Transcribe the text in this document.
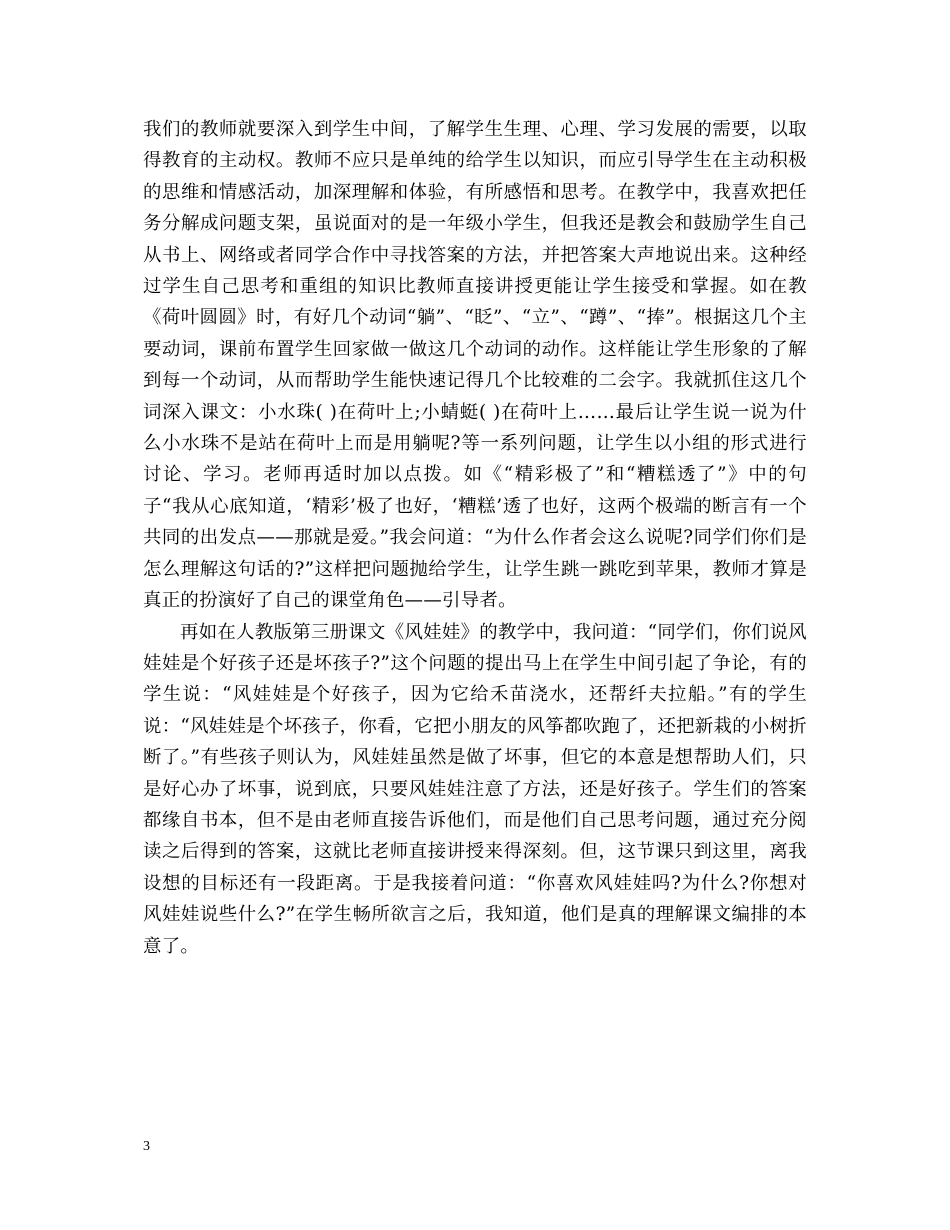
我们的教师就要深入到学生中间，了解学生生理、心理、学习发展的需要，以取得教育的主动权。教师不应只是单纯的给学生以知识，而应引导学生在主动积极的思维和情感活动，加深理解和体验，有所感悟和思考。在教学中，我喜欢把任务分解成问题支架，虽说面对的是一年级小学生，但我还是教会和鼓励学生自己从书上、网络或者同学合作中寻找答案的方法，并把答案大声地说出来。这种经过学生自己思考和重组的知识比教师直接讲授更能让学生接受和掌握。如在教《荷叶圆圆》时，有好几个动词“躺”、“眨”、“立”、“蹲”、“捧”。根据这几个主要动词，课前布置学生回家做一做这几个动词的动作。这样能让学生形象的了解到每一个动词，从而帮助学生能快速记得几个比较难的二会字。我就抓住这几个词深入课文：小水珠( )在荷叶上;小蜻蜓( )在荷叶上……最后让学生说一说为什么小水珠不是站在荷叶上而是用躺呢?等一系列问题，让学生以小组的形式进行讨论、学习。老师再适时加以点拨。如《“精彩极了”和“糟糕透了”》中的句子“我从心底知道，‘精彩’极了也好，‘糟糕’透了也好，这两个极端的断言有一个共同的出发点——那就是爱。”我会问道：“为什么作者会这么说呢?同学们你们是怎么理解这句话的?”这样把问题抛给学生，让学生跳一跳吃到苹果，教师才算是真正的扮演好了自己的课堂角色——引导者。

再如在人教版第三册课文《风娃娃》的教学中，我问道：“同学们，你们说风娃娃是个好孩子还是坏孩子?”这个问题的提出马上在学生中间引起了争论，有的学生说：“风娃娃是个好孩子，因为它给禾苗浇水，还帮纤夫拉船。”有的学生说：“风娃娃是个坏孩子，你看，它把小朋友的风筝都吹跑了，还把新栽的小树折断了。”有些孩子则认为，风娃娃虽然是做了坏事，但它的本意是想帮助人们，只是好心办了坏事，说到底，只要风娃娃注意了方法，还是好孩子。学生们的答案都缘自书本，但不是由老师直接告诉他们，而是他们自己思考问题，通过充分阅读之后得到的答案，这就比老师直接讲授来得深刻。但，这节课只到这里，离我设想的目标还有一段距离。于是我接着问道：“你喜欢风娃娃吗?为什么?你想对风娃娃说些什么?”在学生畅所欲言之后，我知道，他们是真的理解课文编排的本意了。

3
